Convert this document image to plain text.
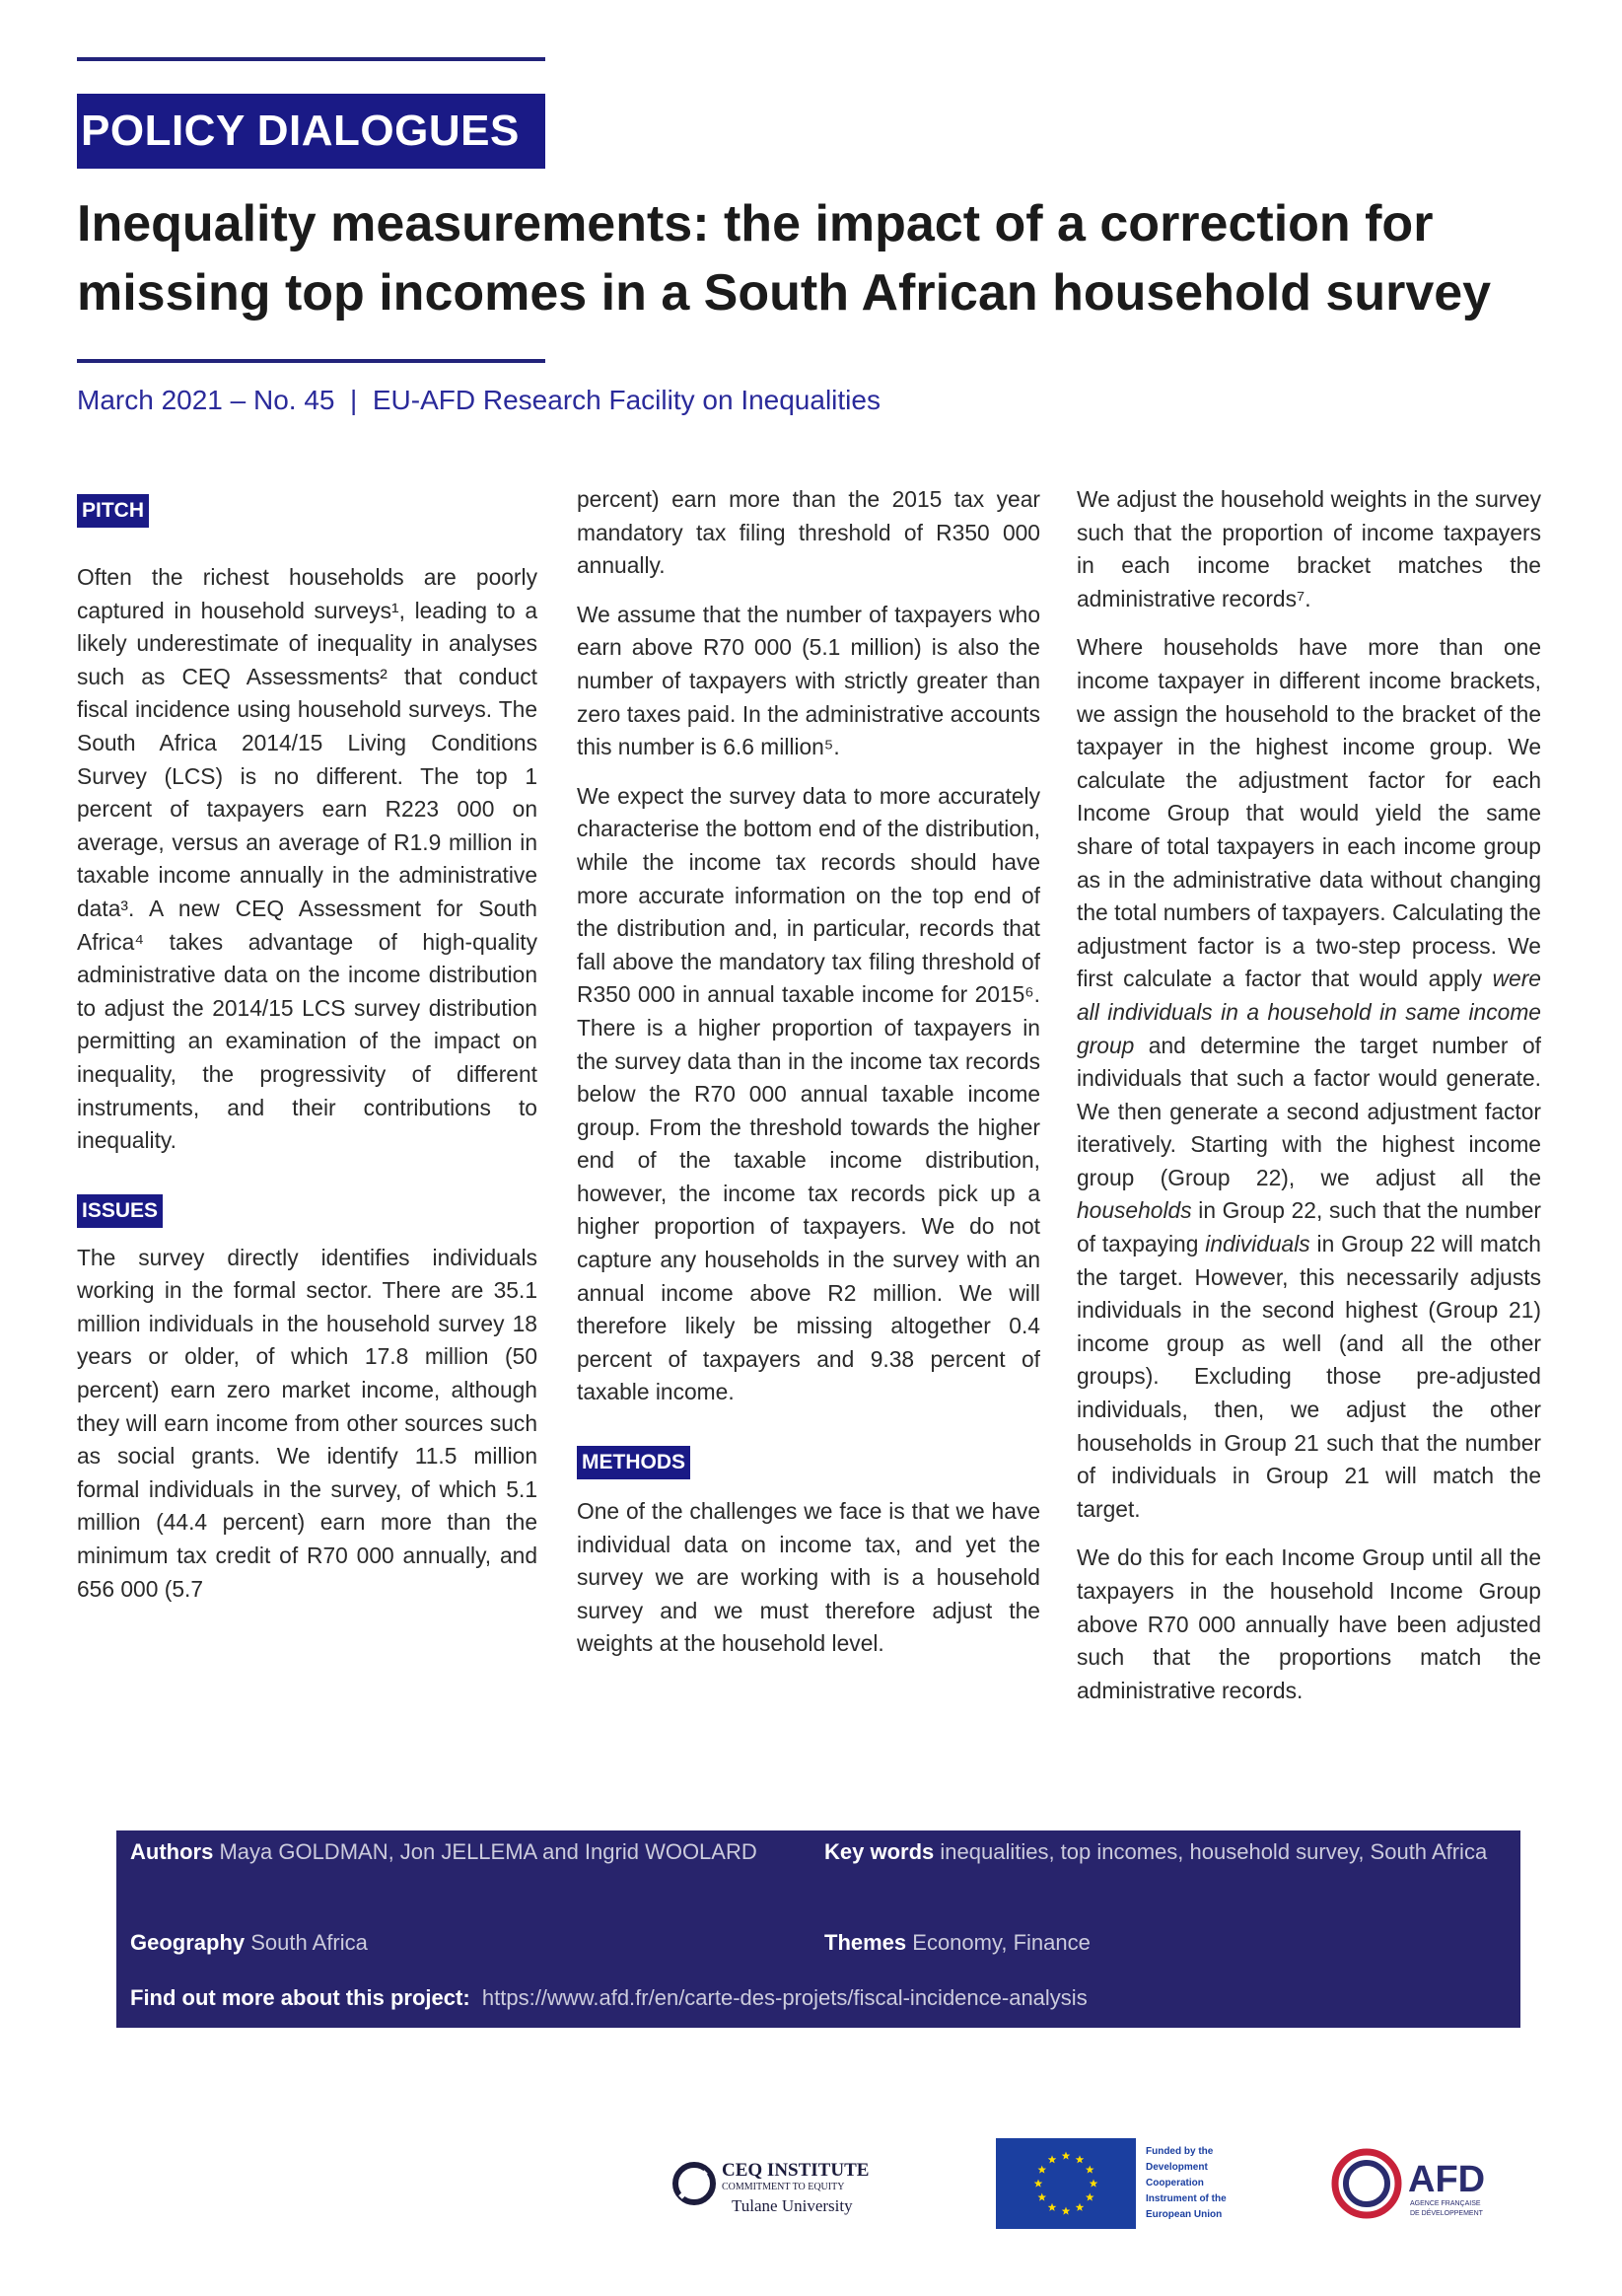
POLICY DIALOGUES
Inequality measurements: the impact of a correction for
missing top incomes in a South African household survey
March 2021 – No. 45  |  EU-AFD Research Facility on Inequalities
PITCH

Often the richest households are poorly captured in household surveys¹, leading to a likely underestimate of inequality in analyses such as CEQ Assessments² that conduct fiscal incidence using household surveys. The South Africa 2014/15 Living Conditions Survey (LCS) is no different. The top 1 percent of taxpayers earn R223 000 on average, versus an average of R1.9 million in taxable income annually in the administrative data³. A new CEQ Assessment for South Africa⁴ takes advantage of high-quality administrative data on the income distribution to adjust the 2014/15 LCS survey distribution permitting an examination of the impact on inequality, the progressivity of different instruments, and their contributions to inequality.

ISSUES

The survey directly identifies individuals working in the formal sector. There are 35.1 million individuals in the household survey 18 years or older, of which 17.8 million (50 percent) earn zero market income, although they will earn income from other sources such as social grants. We identify 11.5 million formal individuals in the survey, of which 5.1 million (44.4 percent) earn more than the minimum tax credit of R70 000 annually, and 656 000 (5.7

percent) earn more than the 2015 tax year mandatory tax filing threshold of R350 000 annually.

We assume that the number of taxpayers who earn above R70 000 (5.1 million) is also the number of taxpayers with strictly greater than zero taxes paid. In the administrative accounts this number is 6.6 million⁵.

We expect the survey data to more accurately characterise the bottom end of the distribution, while the income tax records should have more accurate information on the top end of the distribution and, in particular, records that fall above the mandatory tax filing threshold of R350 000 in annual taxable income for 2015⁶. There is a higher proportion of taxpayers in the survey data than in the income tax records below the R70 000 annual taxable income group. From the threshold towards the higher end of the taxable income distribution, however, the income tax records pick up a higher proportion of taxpayers. We do not capture any households in the survey with an annual income above R2 million. We will therefore likely be missing altogether 0.4 percent of taxpayers and 9.38 percent of taxable income.

METHODS

One of the challenges we face is that we have individual data on income tax, and yet the survey we are working with is a household survey and we must therefore adjust the weights at the household level.

We adjust the household weights in the survey such that the proportion of income taxpayers in each income bracket matches the administrative records⁷.

Where households have more than one income taxpayer in different income brackets, we assign the household to the bracket of the taxpayer in the highest income group. We calculate the adjustment factor for each Income Group that would yield the same share of total taxpayers in each income group as in the administrative data without changing the total numbers of taxpayers. Calculating the adjustment factor is a two-step process. We first calculate a factor that would apply were all individuals in a household in same income group and determine the target number of individuals that such a factor would generate. We then generate a second adjustment factor iteratively. Starting with the highest income group (Group 22), we adjust all the households in Group 22, such that the number of taxpaying individuals in Group 22 will match the target. However, this necessarily adjusts individuals in the second highest (Group 21) income group as well (and all the other groups). Excluding those pre-adjusted individuals, then, we adjust the other households in Group 21 such that the number of individuals in Group 21 will match the target.

We do this for each Income Group until all the taxpayers in the household Income Group above R70 000 annually have been adjusted such that the proportions match the administrative records.

Authors Maya GOLDMAN, Jon JELLEMA and Ingrid WOOLARD	Key words inequalities, top incomes, household survey, South Africa
Geography South Africa	Themes Economy, Finance
Find out more about this project:  https://www.afd.fr/en/carte-des-projets/fiscal-incidence-analysis
CEQ INSTITUTE
COMMITMENT TO EQUITY
Tulane University
Funded by the
Development
Cooperation
Instrument of the
European Union
AFD
AGENCE FRANÇAISE
DE DÉVELOPPEMENT
